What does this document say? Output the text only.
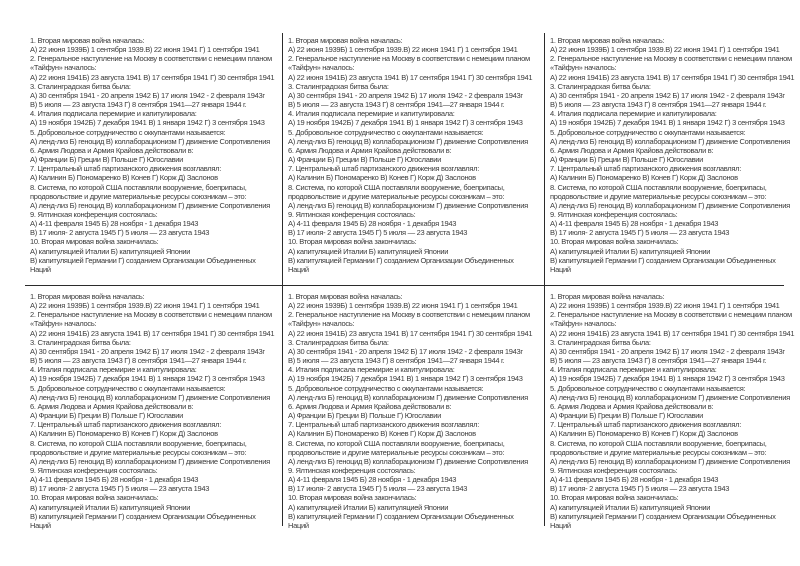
1. Вторая мировая война началась:
А) 22 июня 1939Б) 1 сентября 1939.В) 22 июня 1941 Г) 1 сентября 1941
2. Генеральное наступление на Москву в соответствии с немецким планом
«Тайфун» началось:
А) 22 июня 1941Б) 23 августа 1941 В) 17 сентября 1941 Г) 30 сентября 1941
3. Сталинградская битва была:
А) 30 сентября 1941 - 20 апреля 1942 Б) 17 июля 1942 - 2 февраля 1943г
В) 5 июля — 23 августа 1943 Г) 8 сентября 1941—27 января 1944 г.
4. Италия подписала перемирие и капитулировала:
А) 19 ноября 1942Б) 7 декабря 1941 В) 1 января 1942 Г) 3 сентября 1943
5. Добровольное сотрудничество с оккупантами называется:
А) ленд-лиз Б) геноцид В) коллаборационизм Г) движение Сопротивления
6. Армия Людова и Армия Крайова действовали в:
А) Франции Б) Греции В) Польше Г) Югославии
7. Центральный штаб партизанского движения возглавлял:
А) Калинин Б) Пономаренко В) Конев Г) Корж Д) Заслонов
8. Система, по которой США поставляли вооружение, боеприпасы,
продовольствие и другие материальные ресурсы союзникам – это:
А) ленд-лиз Б) геноцид В) коллаборационизм Г) движение Сопротивления
9. Ялтинская конференция состоялась:
А) 4-11 февраля 1945 Б) 28 ноября - 1 декабря 1943
В) 17 июля- 2 августа 1945 Г) 5 июля — 23 августа 1943
10. Вторая мировая война закончилась:
А) капитуляцией Италии Б) капитуляцией Японии
В) капитуляцией Германии Г) созданием Организации Объединенных
Наций
1. Вторая мировая война началась:
А) 22 июня 1939Б) 1 сентября 1939.В) 22 июня 1941 Г) 1 сентября 1941
2. Генеральное наступление на Москву в соответствии с немецким планом
«Тайфун» началось:
А) 22 июня 1941Б) 23 августа 1941 В) 17 сентября 1941 Г) 30 сентября 1941
3. Сталинградская битва была:
А) 30 сентября 1941 - 20 апреля 1942 Б) 17 июля 1942 - 2 февраля 1943г
В) 5 июля — 23 августа 1943 Г) 8 сентября 1941—27 января 1944 г.
4. Италия подписала перемирие и капитулировала:
А) 19 ноября 1942Б) 7 декабря 1941 В) 1 января 1942 Г) 3 сентября 1943
5. Добровольное сотрудничество с оккупантами называется:
А) ленд-лиз Б) геноцид В) коллаборационизм Г) движение Сопротивления
6. Армия Людова и Армия Крайова действовали в:
А) Франции Б) Греции В) Польше Г) Югославии
7. Центральный штаб партизанского движения возглавлял:
А) Калинин Б) Пономаренко В) Конев Г) Корж Д) Заслонов
8. Система, по которой США поставляли вооружение, боеприпасы,
продовольствие и другие материальные ресурсы союзникам – это:
А) ленд-лиз Б) геноцид В) коллаборационизм Г) движение Сопротивления
9. Ялтинская конференция состоялась:
А) 4-11 февраля 1945 Б) 28 ноября - 1 декабря 1943
В) 17 июля- 2 августа 1945 Г) 5 июля — 23 августа 1943
10. Вторая мировая война закончилась:
А) капитуляцией Италии Б) капитуляцией Японии
В) капитуляцией Германии Г) созданием Организации Объединенных
Наций
1. Вторая мировая война началась:
А) 22 июня 1939Б) 1 сентября 1939.В) 22 июня 1941 Г) 1 сентября 1941
2. Генеральное наступление на Москву в соответствии с немецким планом
«Тайфун» началось:
А) 22 июня 1941Б) 23 августа 1941 В) 17 сентября 1941 Г) 30 сентября 1941
3. Сталинградская битва была:
А) 30 сентября 1941 - 20 апреля 1942 Б) 17 июля 1942 - 2 февраля 1943г
В) 5 июля — 23 августа 1943 Г) 8 сентября 1941—27 января 1944 г.
4. Италия подписала перемирие и капитулировала:
А) 19 ноября 1942Б) 7 декабря 1941 В) 1 января 1942 Г) 3 сентября 1943
5. Добровольное сотрудничество с оккупантами называется:
А) ленд-лиз Б) геноцид В) коллаборационизм Г) движение Сопротивления
6. Армия Людова и Армия Крайова действовали в:
А) Франции Б) Греции В) Польше Г) Югославии
7. Центральный штаб партизанского движения возглавлял:
А) Калинин Б) Пономаренко В) Конев Г) Корж Д) Заслонов
8. Система, по которой США поставляли вооружение, боеприпасы,
продовольствие и другие материальные ресурсы союзникам – это:
А) ленд-лиз Б) геноцид В) коллаборационизм Г) движение Сопротивления
9. Ялтинская конференция состоялась:
А) 4-11 февраля 1945 Б) 28 ноября - 1 декабря 1943
В) 17 июля- 2 августа 1945 Г) 5 июля — 23 августа 1943
10. Вторая мировая война закончилась:
А) капитуляцией Италии Б) капитуляцией Японии
В) капитуляцией Германии Г) созданием Организации Объединенных
Наций
1. Вторая мировая война началась:
А) 22 июня 1939Б) 1 сентября 1939.В) 22 июня 1941 Г) 1 сентября 1941
2. Генеральное наступление на Москву в соответствии с немецким планом
«Тайфун» началось:
А) 22 июня 1941Б) 23 августа 1941 В) 17 сентября 1941 Г) 30 сентября 1941
3. Сталинградская битва была:
А) 30 сентября 1941 - 20 апреля 1942 Б) 17 июля 1942 - 2 февраля 1943г
В) 5 июля — 23 августа 1943 Г) 8 сентября 1941—27 января 1944 г.
4. Италия подписала перемирие и капитулировала:
А) 19 ноября 1942Б) 7 декабря 1941 В) 1 января 1942 Г) 3 сентября 1943
5. Добровольное сотрудничество с оккупантами называется:
А) ленд-лиз Б) геноцид В) коллаборационизм Г) движение Сопротивления
6. Армия Людова и Армия Крайова действовали в:
А) Франции Б) Греции В) Польше Г) Югославии
7. Центральный штаб партизанского движения возглавлял:
А) Калинин Б) Пономаренко В) Конев Г) Корж Д) Заслонов
8. Система, по которой США поставляли вооружение, боеприпасы,
продовольствие и другие материальные ресурсы союзникам – это:
А) ленд-лиз Б) геноцид В) коллаборационизм Г) движение Сопротивления
9. Ялтинская конференция состоялась:
А) 4-11 февраля 1945 Б) 28 ноября - 1 декабря 1943
В) 17 июля- 2 августа 1945 Г) 5 июля — 23 августа 1943
10. Вторая мировая война закончилась:
А) капитуляцией Италии Б) капитуляцией Японии
В) капитуляцией Германии Г) созданием Организации Объединенных
Наций
1. Вторая мировая война началась:
А) 22 июня 1939Б) 1 сентября 1939.В) 22 июня 1941 Г) 1 сентября 1941
2. Генеральное наступление на Москву в соответствии с немецким планом
«Тайфун» началось:
А) 22 июня 1941Б) 23 августа 1941 В) 17 сентября 1941 Г) 30 сентября 1941
3. Сталинградская битва была:
А) 30 сентября 1941 - 20 апреля 1942 Б) 17 июля 1942 - 2 февраля 1943г
В) 5 июля — 23 августа 1943 Г) 8 сентября 1941—27 января 1944 г.
4. Италия подписала перемирие и капитулировала:
А) 19 ноября 1942Б) 7 декабря 1941 В) 1 января 1942 Г) 3 сентября 1943
5. Добровольное сотрудничество с оккупантами называется:
А) ленд-лиз Б) геноцид В) коллаборационизм Г) движение Сопротивления
6. Армия Людова и Армия Крайова действовали в:
А) Франции Б) Греции В) Польше Г) Югославии
7. Центральный штаб партизанского движения возглавлял:
А) Калинин Б) Пономаренко В) Конев Г) Корж Д) Заслонов
8. Система, по которой США поставляли вооружение, боеприпасы,
продовольствие и другие материальные ресурсы союзникам – это:
А) ленд-лиз Б) геноцид В) коллаборационизм Г) движение Сопротивления
9. Ялтинская конференция состоялась:
А) 4-11 февраля 1945 Б) 28 ноября - 1 декабря 1943
В) 17 июля- 2 августа 1945 Г) 5 июля — 23 августа 1943
10. Вторая мировая война закончилась:
А) капитуляцией Италии Б) капитуляцией Японии
В) капитуляцией Германии Г) созданием Организации Объединенных
Наций
1. Вторая мировая война началась:
А) 22 июня 1939Б) 1 сентября 1939.В) 22 июня 1941 Г) 1 сентября 1941
2. Генеральное наступление на Москву в соответствии с немецким планом
«Тайфун» началось:
А) 22 июня 1941Б) 23 августа 1941 В) 17 сентября 1941 Г) 30 сентября 1941
3. Сталинградская битва была:
А) 30 сентября 1941 - 20 апреля 1942 Б) 17 июля 1942 - 2 февраля 1943г
В) 5 июля — 23 августа 1943 Г) 8 сентября 1941—27 января 1944 г.
4. Италия подписала перемирие и капитулировала:
А) 19 ноября 1942Б) 7 декабря 1941 В) 1 января 1942 Г) 3 сентября 1943
5. Добровольное сотрудничество с оккупантами называется:
А) ленд-лиз Б) геноцид В) коллаборационизм Г) движение Сопротивления
6. Армия Людова и Армия Крайова действовали в:
А) Франции Б) Греции В) Польше Г) Югославии
7. Центральный штаб партизанского движения возглавлял:
А) Калинин Б) Пономаренко В) Конев Г) Корж Д) Заслонов
8. Система, по которой США поставляли вооружение, боеприпасы,
продовольствие и другие материальные ресурсы союзникам – это:
А) ленд-лиз Б) геноцид В) коллаборационизм Г) движение Сопротивления
9. Ялтинская конференция состоялась:
А) 4-11 февраля 1945 Б) 28 ноября - 1 декабря 1943
В) 17 июля- 2 августа 1945 Г) 5 июля — 23 августа 1943
10. Вторая мировая война закончилась:
А) капитуляцией Италии Б) капитуляцией Японии
В) капитуляцией Германии Г) созданием Организации Объединенных
Наций
